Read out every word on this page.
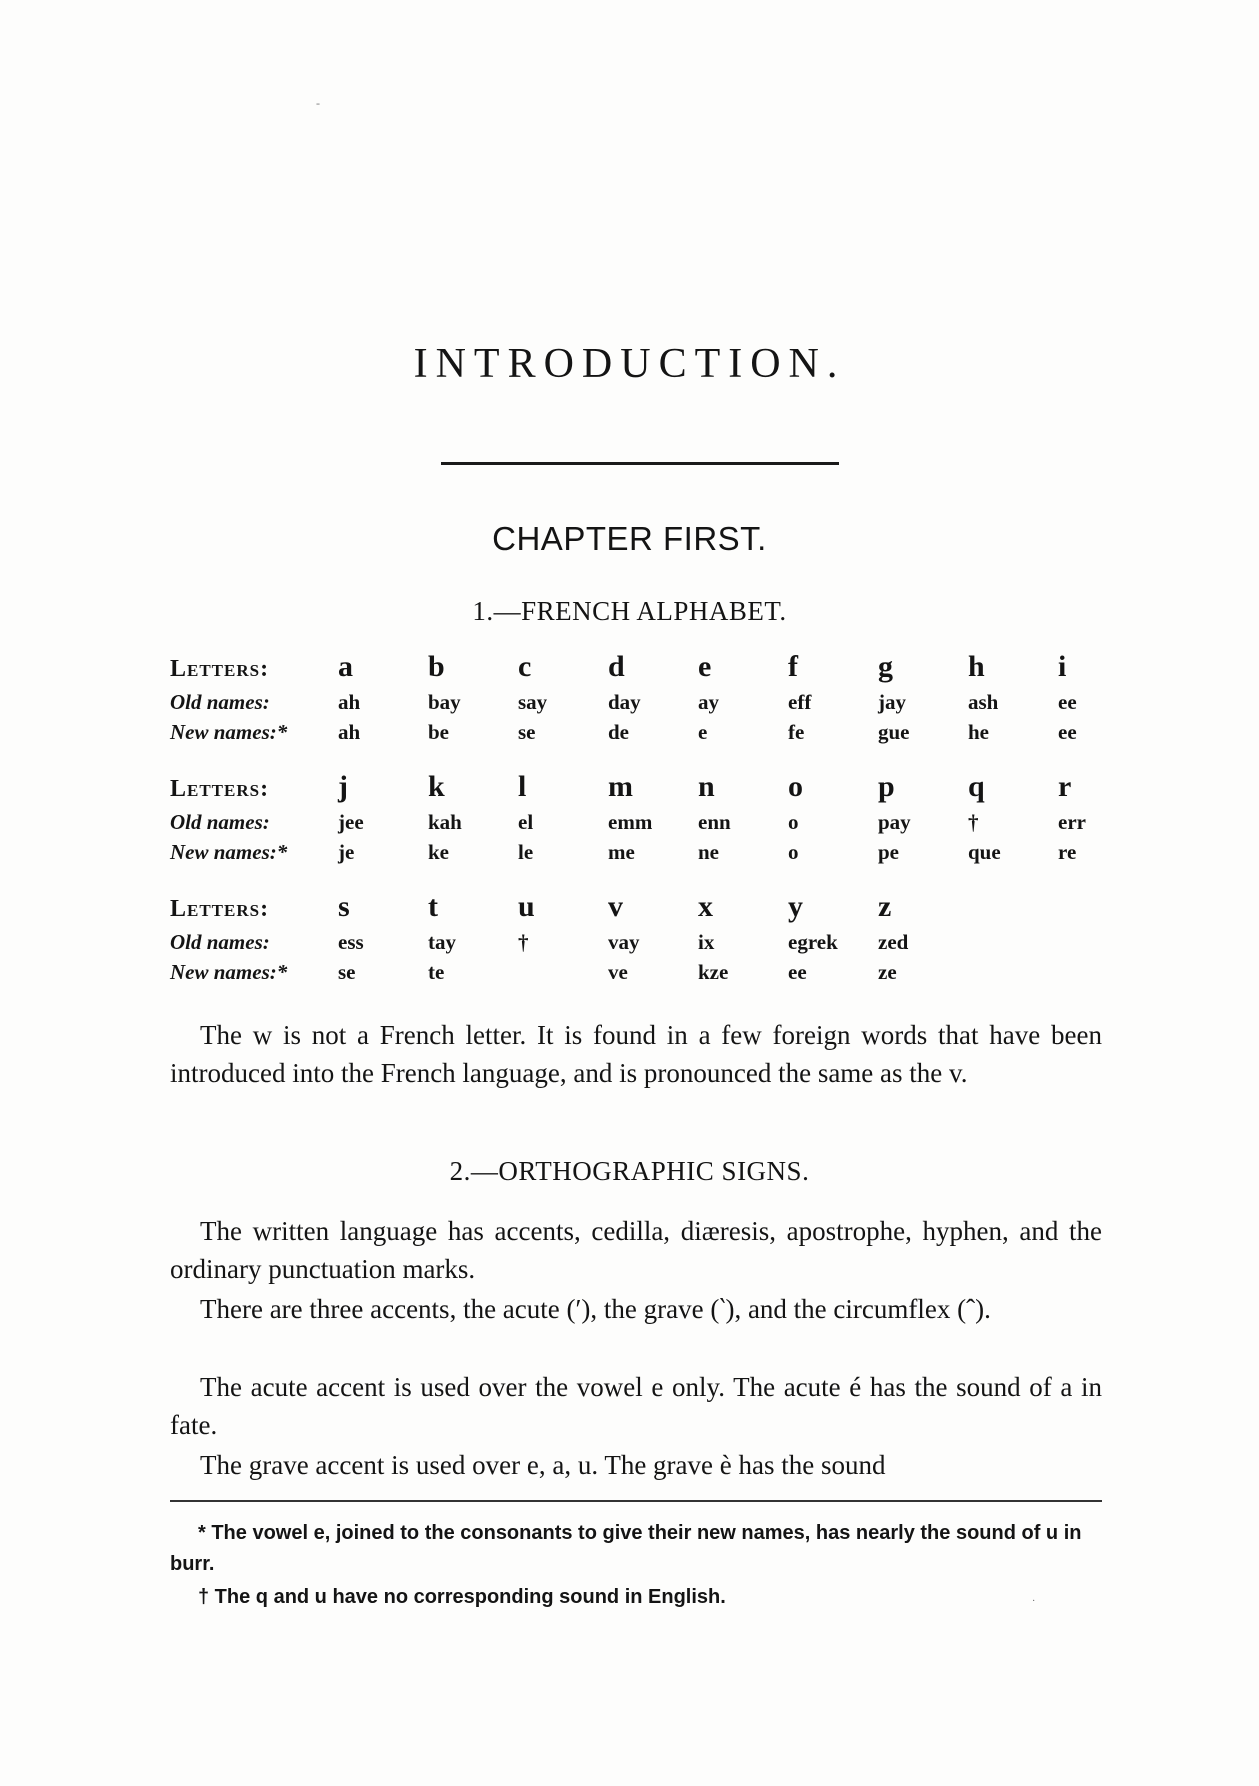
-
INTRODUCTION.
CHAPTER FIRST.
1.—FRENCH ALPHABET.
Letters:	a	b	c	d	e	f	g	h	i
Old names:	ah	bay	say	day	ay	eff	jay	ash	ee
New names:*	ah	be	se	de	e	fe	gue	he	ee
Letters:	j	k	l	m	n	o	p	q	r
Old names:	jee	kah	el	emm	enn	o	pay	†	err
New names:*	je	ke	le	me	ne	o	pe	que	re
Letters:	s	t	u	v	x	y	z		
Old names:	ess	tay	†	vay	ix	egrek	zed		
New names:*	se	te		ve	kze	ee	ze		

The w is not a French letter. It is found in a few foreign words that have been introduced into the French language, and is pronounced the same as the v.

2.—ORTHOGRAPHIC SIGNS.

The written language has accents, cedilla, diæresis, apostrophe, hyphen, and the ordinary punctuation marks.

There are three accents, the acute (′), the grave (‵), and the circumflex (ˆ).

The acute accent is used over the vowel e only. The acute é has the sound of a in fate.

The grave accent is used over e, a, u. The grave è has the sound

* The vowel e, joined to the consonants to give their new names, has nearly the sound of u in burr.

† The q and u have no corresponding sound in English.	·
